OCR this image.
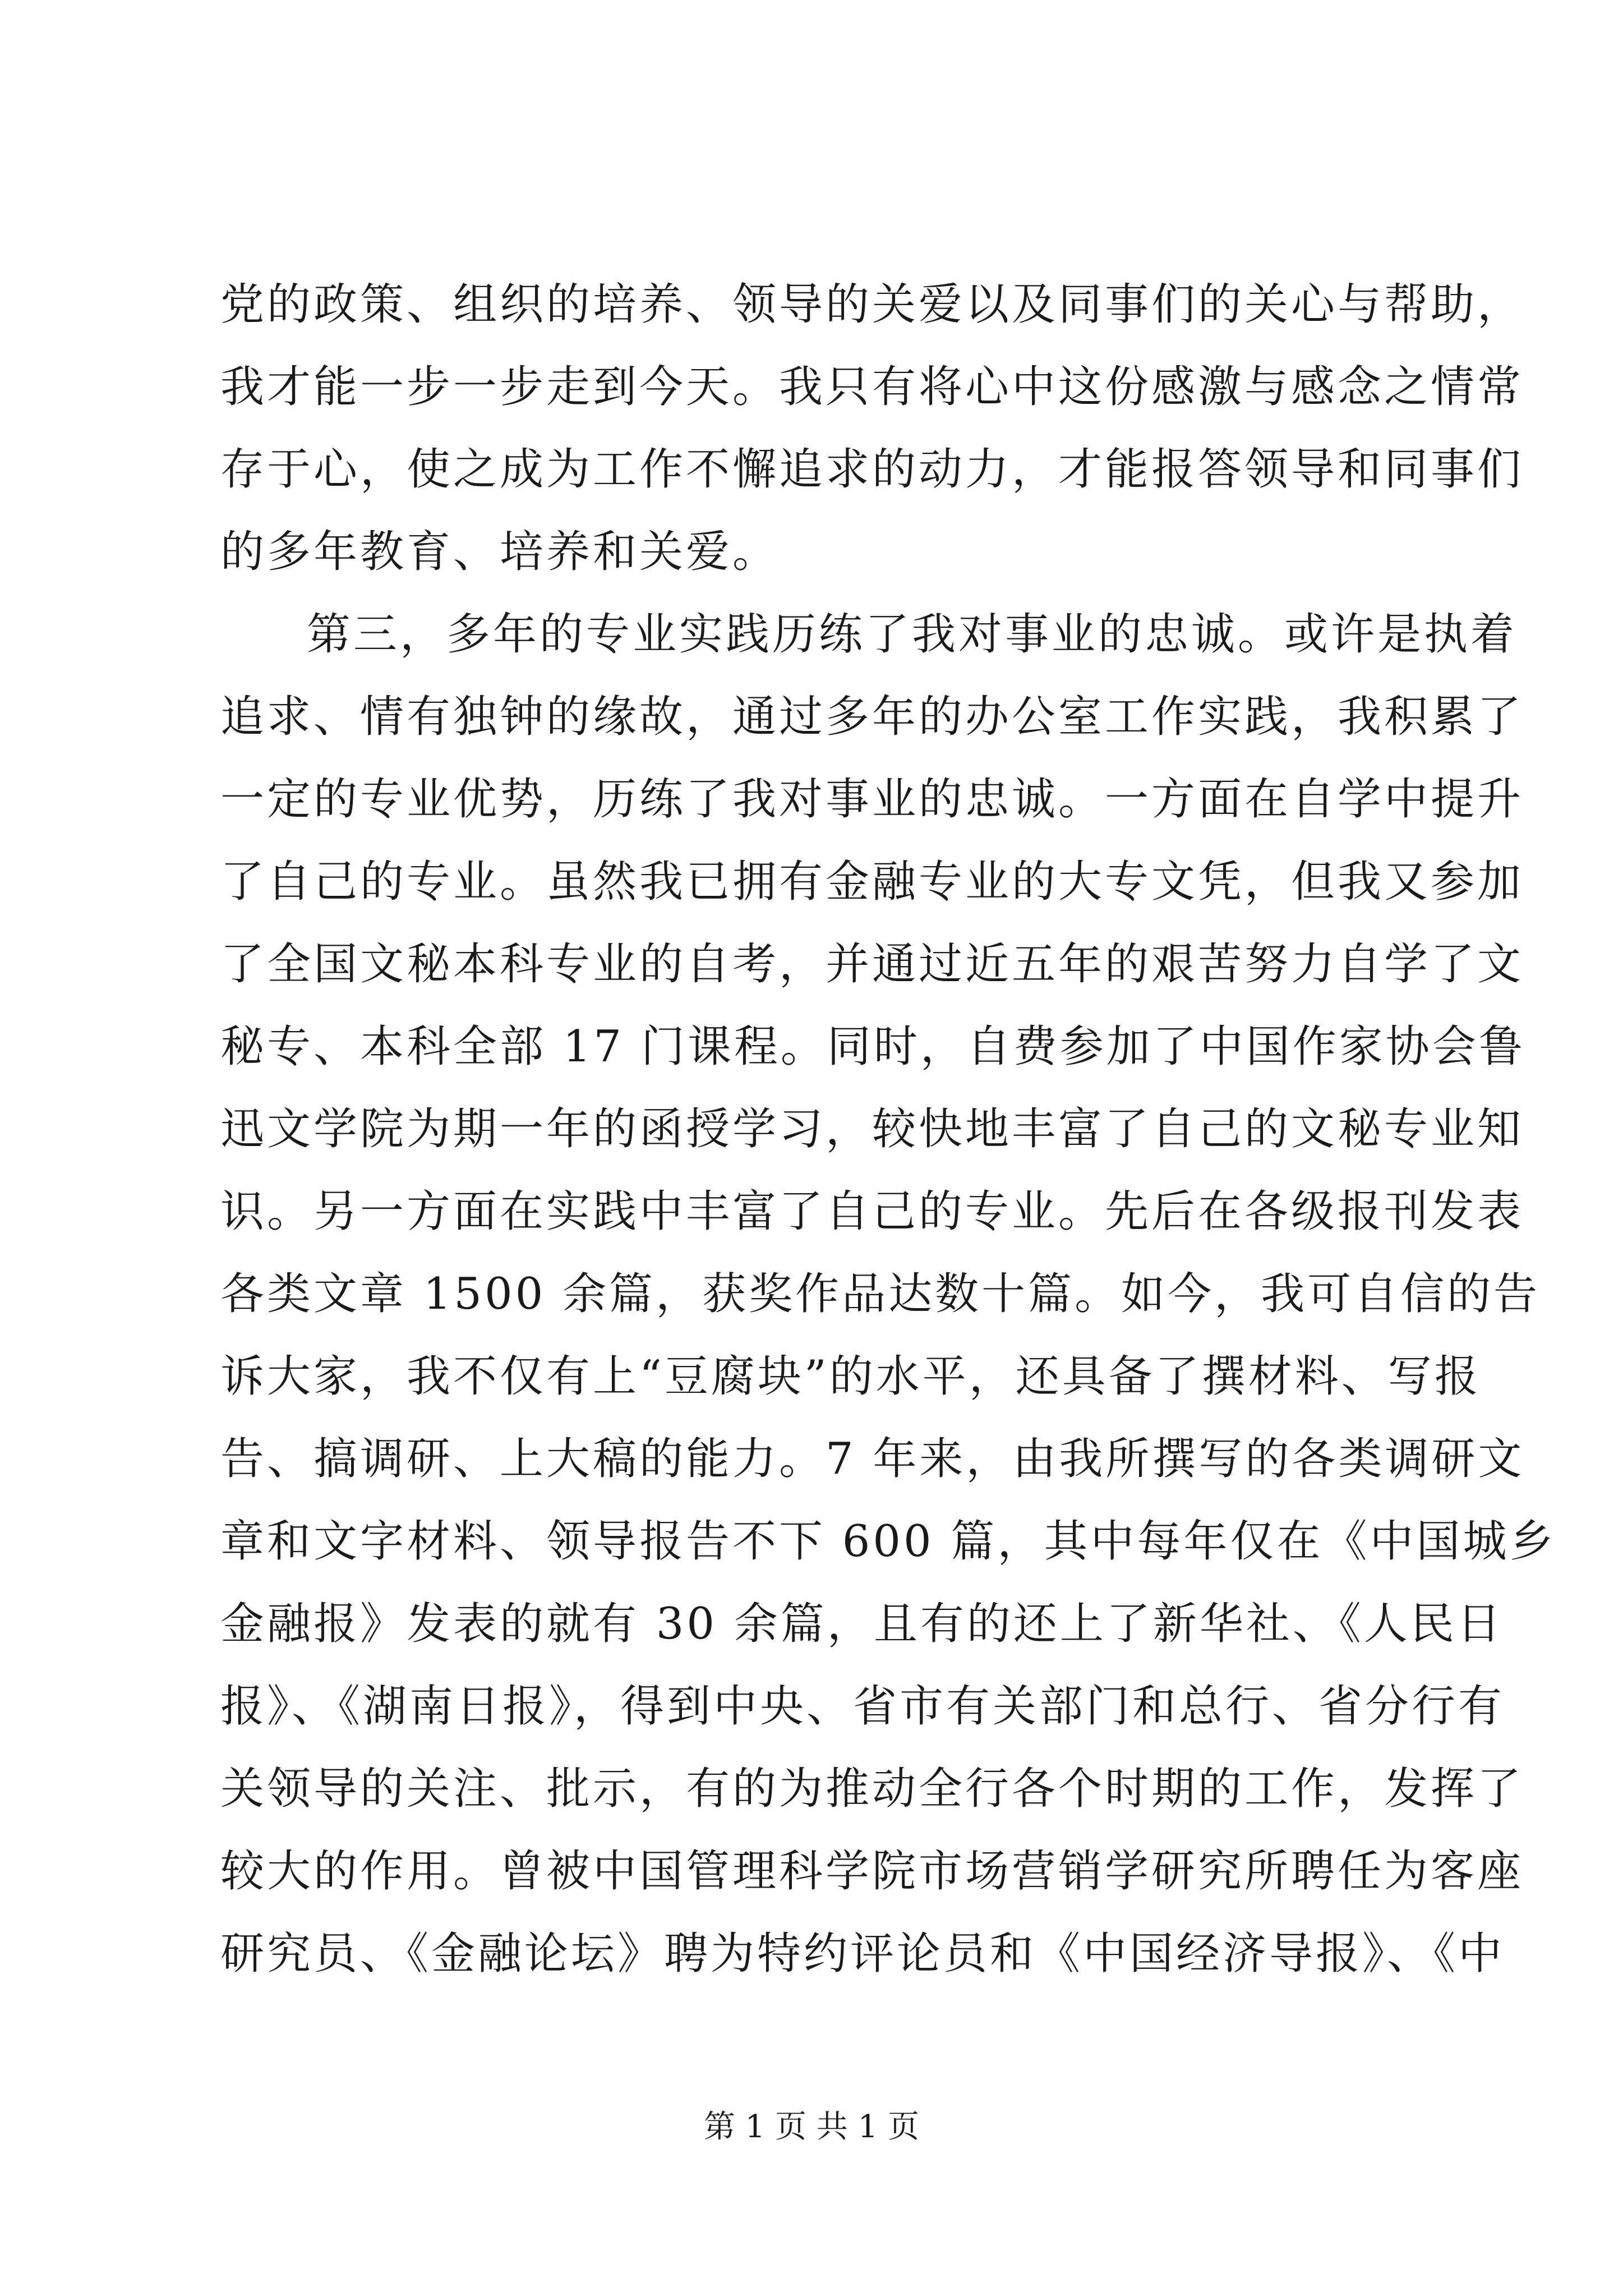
党的政策、组织的培养、领导的关爱以及同事们的关心与帮助，
我才能一步一步走到今天。我只有将心中这份感激与感念之情常
存于心，使之成为工作不懈追求的动力，才能报答领导和同事们
的多年教育、培养和关爱。
第三，多年的专业实践历练了我对事业的忠诚。或许是执着
追求、情有独钟的缘故，通过多年的办公室工作实践，我积累了
一定的专业优势，历练了我对事业的忠诚。一方面在自学中提升
了自己的专业。虽然我已拥有金融专业的大专文凭，但我又参加
了全国文秘本科专业的自考，并通过近五年的艰苦努力自学了文
秘专、本科全部 17 门课程。同时，自费参加了中国作家协会鲁
迅文学院为期一年的函授学习，较快地丰富了自己的文秘专业知
识。另一方面在实践中丰富了自己的专业。先后在各级报刊发表
各类文章 1500 余篇，获奖作品达数十篇。如今，我可自信的告
诉大家，我不仅有上“豆腐块”的水平，还具备了撰材料、写报
告、搞调研、上大稿的能力。7 年来，由我所撰写的各类调研文
章和文字材料、领导报告不下 600 篇，其中每年仅在《中国城乡
金融报》发表的就有 30 余篇，且有的还上了新华社、《人民日
报》、《湖南日报》，得到中央、省市有关部门和总行、省分行有
关领导的关注、批示，有的为推动全行各个时期的工作，发挥了
较大的作用。曾被中国管理科学院市场营销学研究所聘任为客座
研究员、《金融论坛》聘为特约评论员和《中国经济导报》、《中
第 1 页 共 1 页
